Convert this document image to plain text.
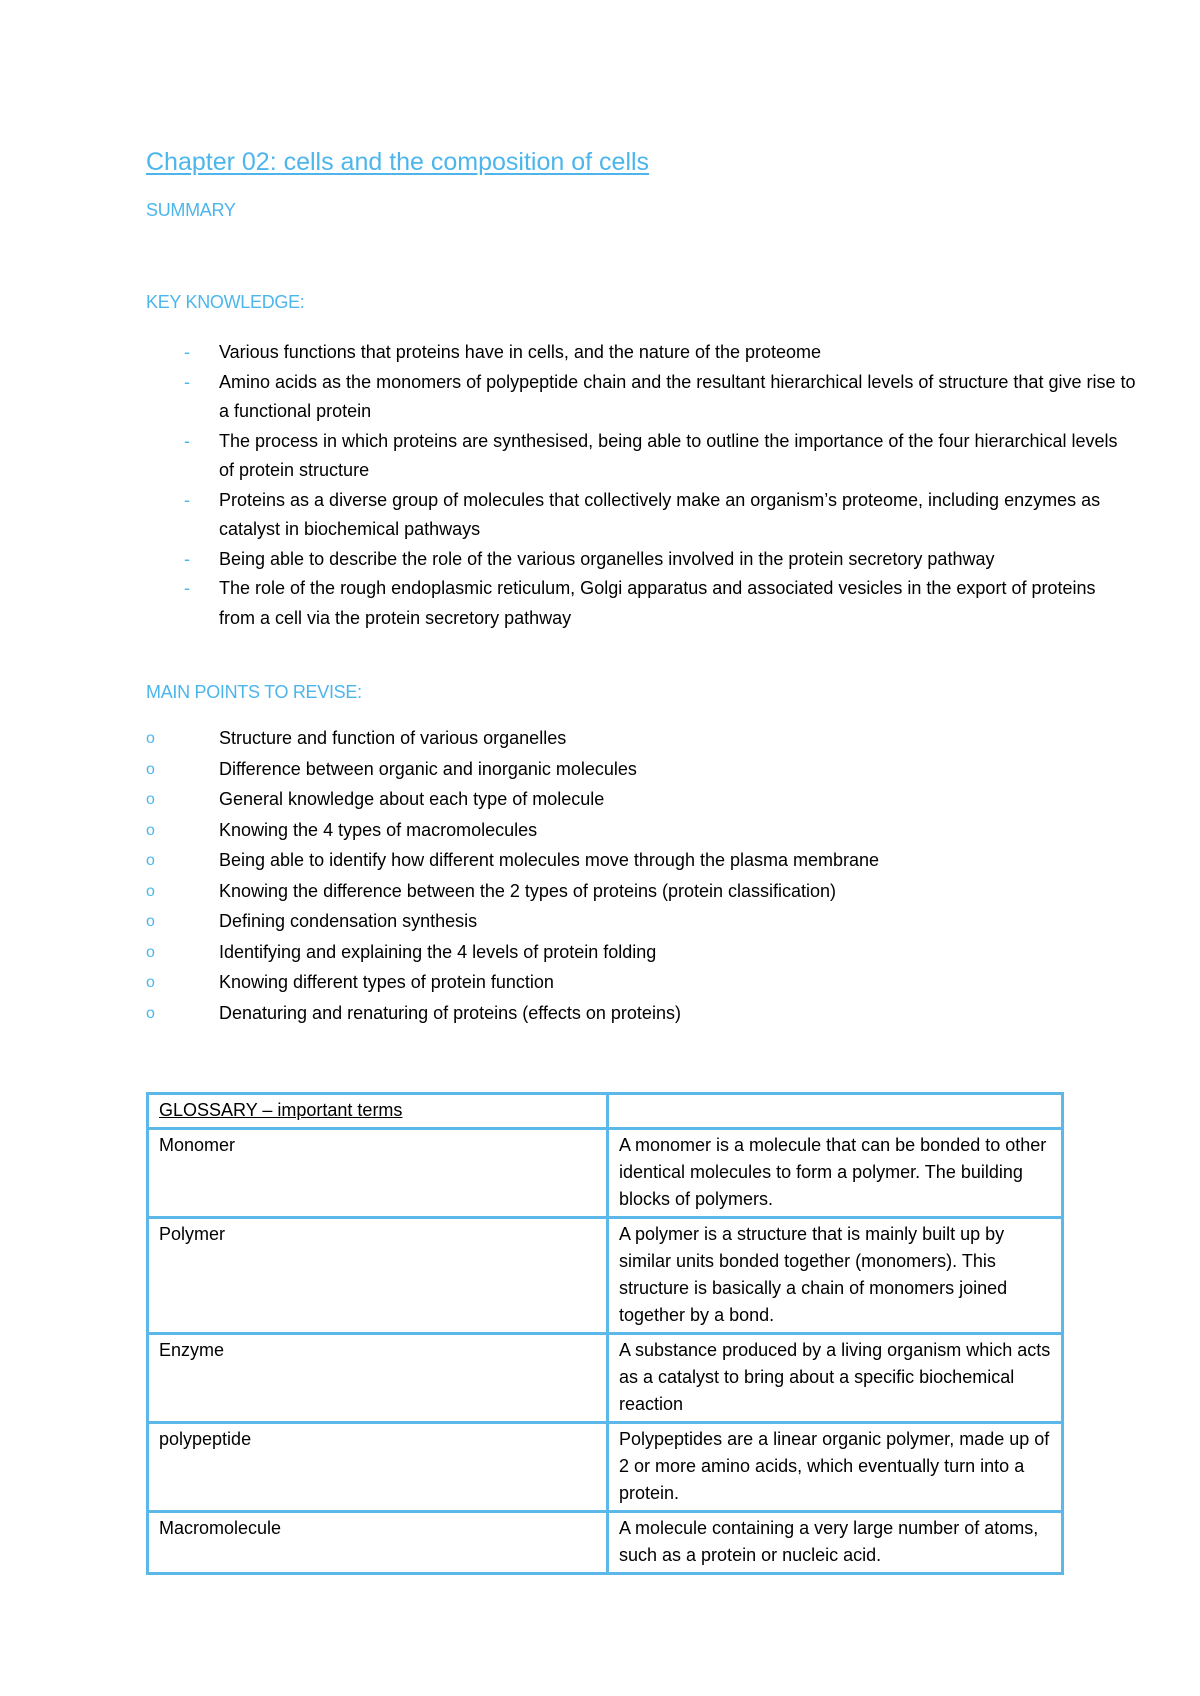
Chapter 02: cells and the composition of cells
SUMMARY
KEY KNOWLEDGE:
- Various functions that proteins have in cells, and the nature of the proteome
- Amino acids as the monomers of polypeptide chain and the resultant hierarchical levels of structure that give rise to a functional protein
- The process in which proteins are synthesised, being able to outline the importance of the four hierarchical levels of protein structure
- Proteins as a diverse group of molecules that collectively make an organism’s proteome, including enzymes as catalyst in biochemical pathways
- Being able to describe the role of the various organelles involved in the protein secretory pathway
- The role of the rough endoplasmic reticulum, Golgi apparatus and associated vesicles in the export of proteins from a cell via the protein secretory pathway
MAIN POINTS TO REVISE:
o	Structure and function of various organelles
o	Difference between organic and inorganic molecules
o	General knowledge about each type of molecule
o	Knowing the 4 types of macromolecules
o	Being able to identify how different molecules move through the plasma membrane
o	Knowing the difference between the 2 types of proteins (protein classification)
o	Defining condensation synthesis
o	Identifying and explaining the 4 levels of protein folding
o	Knowing different types of protein function
o	Denaturing and renaturing of proteins (effects on proteins)
GLOSSARY – important terms	
Monomer	A monomer is a molecule that can be bonded to other identical molecules to form a polymer. The building blocks of polymers.
Polymer	A polymer is a structure that is mainly built up by similar units bonded together (monomers). This structure is basically a chain of monomers joined together by a bond.
Enzyme	A substance produced by a living organism which acts as a catalyst to bring about a specific biochemical reaction
polypeptide	Polypeptides are a linear organic polymer, made up of 2 or more amino acids, which eventually turn into a protein.
Macromolecule	A molecule containing a very large number of atoms, such as a protein or nucleic acid.
